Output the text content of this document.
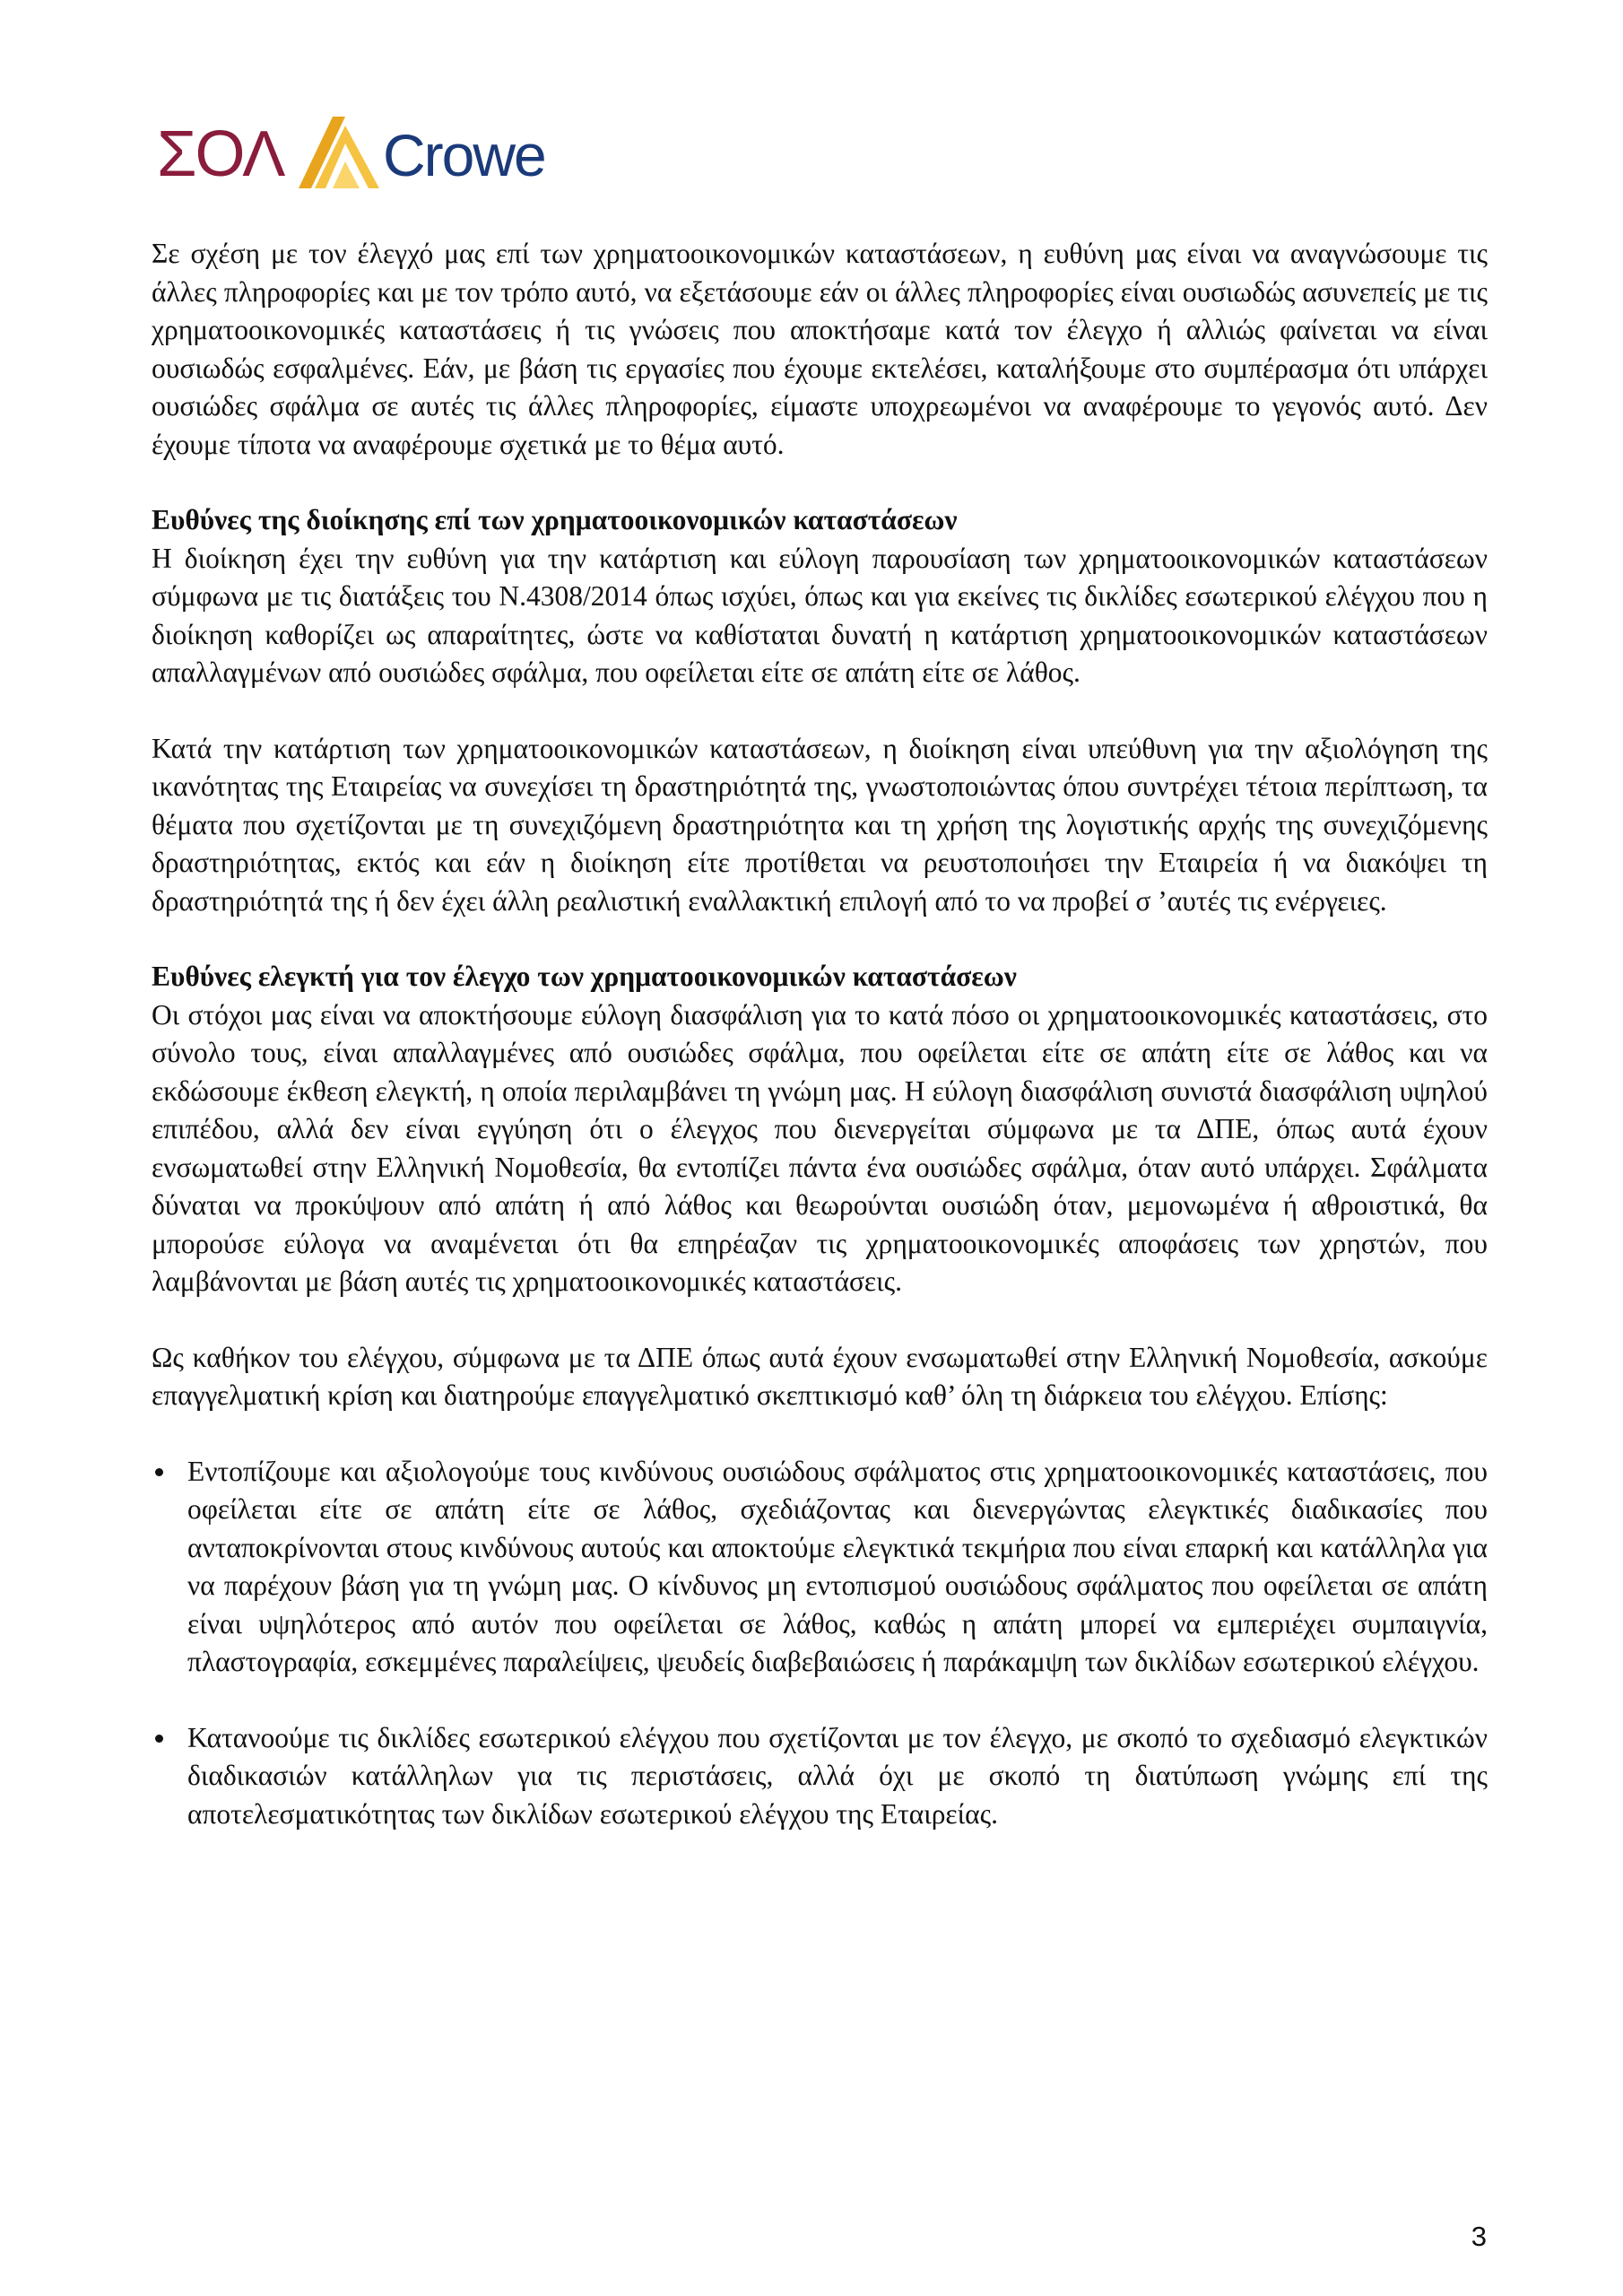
ΣΟΛ Crowe

Σε σχέση με τον έλεγχό μας επί των χρηματοοικονομικών καταστάσεων, η ευθύνη μας είναι να αναγνώσουμε τις άλλες πληροφορίες και με τον τρόπο αυτό, να εξετάσουμε εάν οι άλλες πληροφορίες είναι ουσιωδώς ασυνεπείς με τις χρηματοοικονομικές καταστάσεις ή τις γνώσεις που αποκτήσαμε κατά τον έλεγχο ή αλλιώς φαίνεται να είναι ουσιωδώς εσφαλμένες. Εάν, με βάση τις εργασίες που έχουμε εκτελέσει, καταλήξουμε στο συμπέρασμα ότι υπάρχει ουσιώδες σφάλμα σε αυτές τις άλλες πληροφορίες, είμαστε υποχρεωμένοι να αναφέρουμε το γεγονός αυτό. Δεν έχουμε τίποτα να αναφέρουμε σχετικά με το θέμα αυτό.

Ευθύνες της διοίκησης επί των χρηματοοικονομικών καταστάσεων

Η διοίκηση έχει την ευθύνη για την κατάρτιση και εύλογη παρουσίαση των χρηματοοικονομικών καταστάσεων σύμφωνα με τις διατάξεις του Ν.4308/2014 όπως ισχύει, όπως και για εκείνες τις δικλίδες εσωτερικού ελέγχου που η διοίκηση καθορίζει ως απαραίτητες, ώστε να καθίσταται δυνατή η κατάρτιση χρηματοοικονομικών καταστάσεων απαλλαγμένων από ουσιώδες σφάλμα, που οφείλεται είτε σε απάτη είτε σε λάθος.

Κατά την κατάρτιση των χρηματοοικονομικών καταστάσεων, η διοίκηση είναι υπεύθυνη για την αξιολόγηση της ικανότητας της Εταιρείας να συνεχίσει τη δραστηριότητά της, γνωστοποιώντας όπου συντρέχει τέτοια περίπτωση, τα θέματα που σχετίζονται με τη συνεχιζόμενη δραστηριότητα και τη χρήση της λογιστικής αρχής της συνεχιζόμενης δραστηριότητας, εκτός και εάν η διοίκηση είτε προτίθεται να ρευστοποιήσει την Εταιρεία ή να διακόψει τη δραστηριότητά της ή δεν έχει άλλη ρεαλιστική εναλλακτική επιλογή από το να προβεί σ ’αυτές τις ενέργειες.

Ευθύνες ελεγκτή για τον έλεγχο των χρηματοοικονομικών καταστάσεων

Οι στόχοι μας είναι να αποκτήσουμε εύλογη διασφάλιση για το κατά πόσο οι χρηματοοικονομικές καταστάσεις, στο σύνολο τους, είναι απαλλαγμένες από ουσιώδες σφάλμα, που οφείλεται είτε σε απάτη είτε σε λάθος και να εκδώσουμε έκθεση ελεγκτή, η οποία περιλαμβάνει τη γνώμη μας. Η εύλογη διασφάλιση συνιστά διασφάλιση υψηλού επιπέδου, αλλά δεν είναι εγγύηση ότι ο έλεγχος που διενεργείται σύμφωνα με τα ΔΠΕ, όπως αυτά έχουν ενσωματωθεί στην Ελληνική Νομοθεσία, θα εντοπίζει πάντα ένα ουσιώδες σφάλμα, όταν αυτό υπάρχει. Σφάλματα δύναται να προκύψουν από απάτη ή από λάθος και θεωρούνται ουσιώδη όταν, μεμονωμένα ή αθροιστικά, θα μπορούσε εύλογα να αναμένεται ότι θα επηρέαζαν τις χρηματοοικονομικές αποφάσεις των χρηστών, που λαμβάνονται με βάση αυτές τις χρηματοοικονομικές καταστάσεις.

Ως καθήκον του ελέγχου, σύμφωνα με τα ΔΠΕ όπως αυτά έχουν ενσωματωθεί στην Ελληνική Νομοθεσία, ασκούμε επαγγελματική κρίση και διατηρούμε επαγγελματικό σκεπτικισμό καθ’ όλη τη διάρκεια του ελέγχου. Επίσης:

Εντοπίζουμε και αξιολογούμε τους κινδύνους ουσιώδους σφάλματος στις χρηματοοικονομικές καταστάσεις, που οφείλεται είτε σε απάτη είτε σε λάθος, σχεδιάζοντας και διενεργώντας ελεγκτικές διαδικασίες που ανταποκρίνονται στους κινδύνους αυτούς και αποκτούμε ελεγκτικά τεκμήρια που είναι επαρκή και κατάλληλα για να παρέχουν βάση για τη γνώμη μας. Ο κίνδυνος μη εντοπισμού ουσιώδους σφάλματος που οφείλεται σε απάτη είναι υψηλότερος από αυτόν που οφείλεται σε λάθος, καθώς η απάτη μπορεί να εμπεριέχει συμπαιγνία, πλαστογραφία, εσκεμμένες παραλείψεις, ψευδείς διαβεβαιώσεις ή παράκαμψη των δικλίδων εσωτερικού ελέγχου.
Κατανοούμε τις δικλίδες εσωτερικού ελέγχου που σχετίζονται με τον έλεγχο, με σκοπό το σχεδιασμό ελεγκτικών διαδικασιών κατάλληλων για τις περιστάσεις, αλλά όχι με σκοπό τη διατύπωση γνώμης επί της αποτελεσματικότητας των δικλίδων εσωτερικού ελέγχου της Εταιρείας.
3
